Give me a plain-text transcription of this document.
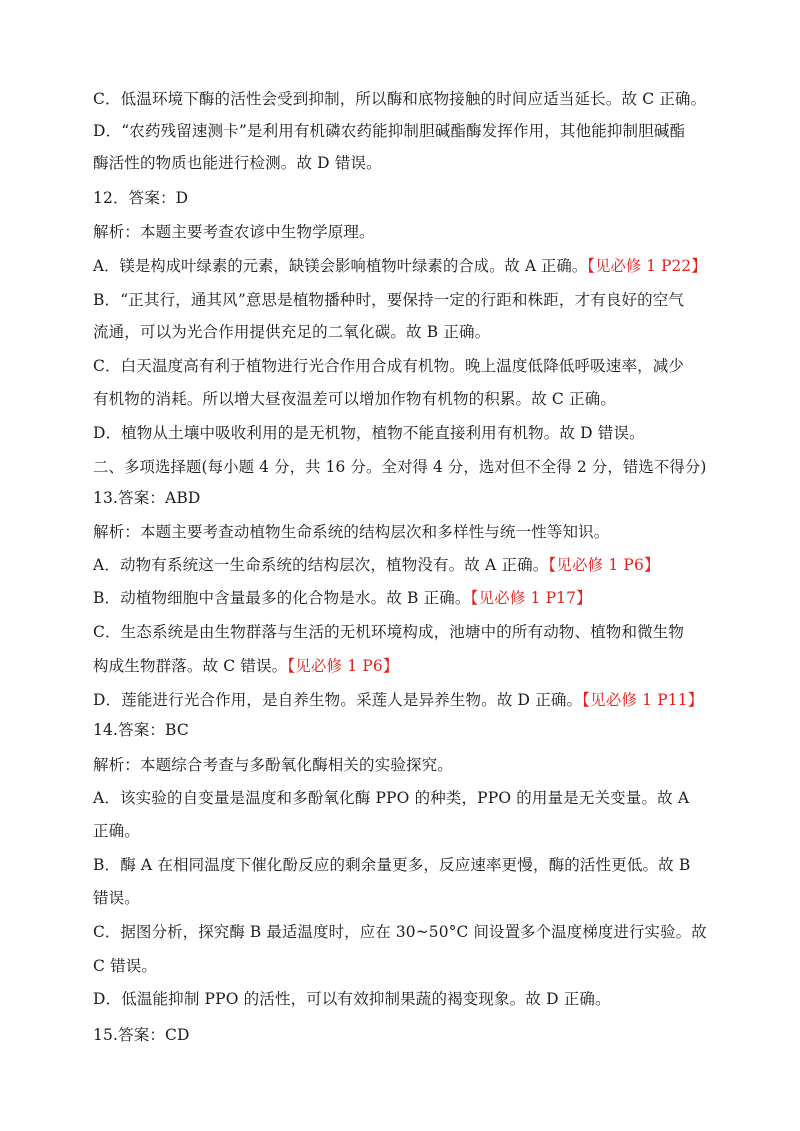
C．低温环境下酶的活性会受到抑制，所以酶和底物接触的时间应适当延长。故 C 正确。

D．“农药残留速测卡”是利用有机磷农药能抑制胆碱酯酶发挥作用，其他能抑制胆碱酯

酶活性的物质也能进行检测。故 D 错误。

12．答案：D

解析：本题主要考查农谚中生物学原理。

A．镁是构成叶绿素的元素，缺镁会影响植物叶绿素的合成。故 A 正确。【见必修 1 P22】

B．“正其行，通其风”意思是植物播种时，要保持一定的行距和株距，才有良好的空气

流通，可以为光合作用提供充足的二氧化碳。故 B 正确。

C．白天温度高有利于植物进行光合作用合成有机物。晚上温度低降低呼吸速率，减少

有机物的消耗。所以增大昼夜温差可以增加作物有机物的积累。故 C 正确。

D．植物从土壤中吸收利用的是无机物，植物不能直接利用有机物。故 D 错误。

二、多项选择题(每小题 4 分，共 16 分。全对得 4 分，选对但不全得 2 分，错选不得分)

13.答案：ABD

解析：本题主要考查动植物生命系统的结构层次和多样性与统一性等知识。

A．动物有系统这一生命系统的结构层次，植物没有。故 A 正确。【见必修 1 P6】

B．动植物细胞中含量最多的化合物是水。故 B 正确。【见必修 1 P17】

C．生态系统是由生物群落与生活的无机环境构成，池塘中的所有动物、植物和微生物

构成生物群落。故 C 错误。【见必修 1 P6】

D．莲能进行光合作用，是自养生物。采莲人是异养生物。故 D 正确。【见必修 1 P11】

14.答案：BC

解析：本题综合考查与多酚氧化酶相关的实验探究。

A．该实验的自变量是温度和多酚氧化酶 PPO 的种类，PPO 的用量是无关变量。故 A

正确。

B．酶 A 在相同温度下催化酚反应的剩余量更多，反应速率更慢，酶的活性更低。故 B

错误。

C．据图分析，探究酶 B 最适温度时，应在 30~50°C 间设置多个温度梯度进行实验。故

C 错误。

D．低温能抑制 PPO 的活性，可以有效抑制果蔬的褐变现象。故 D 正确。

15.答案：CD
